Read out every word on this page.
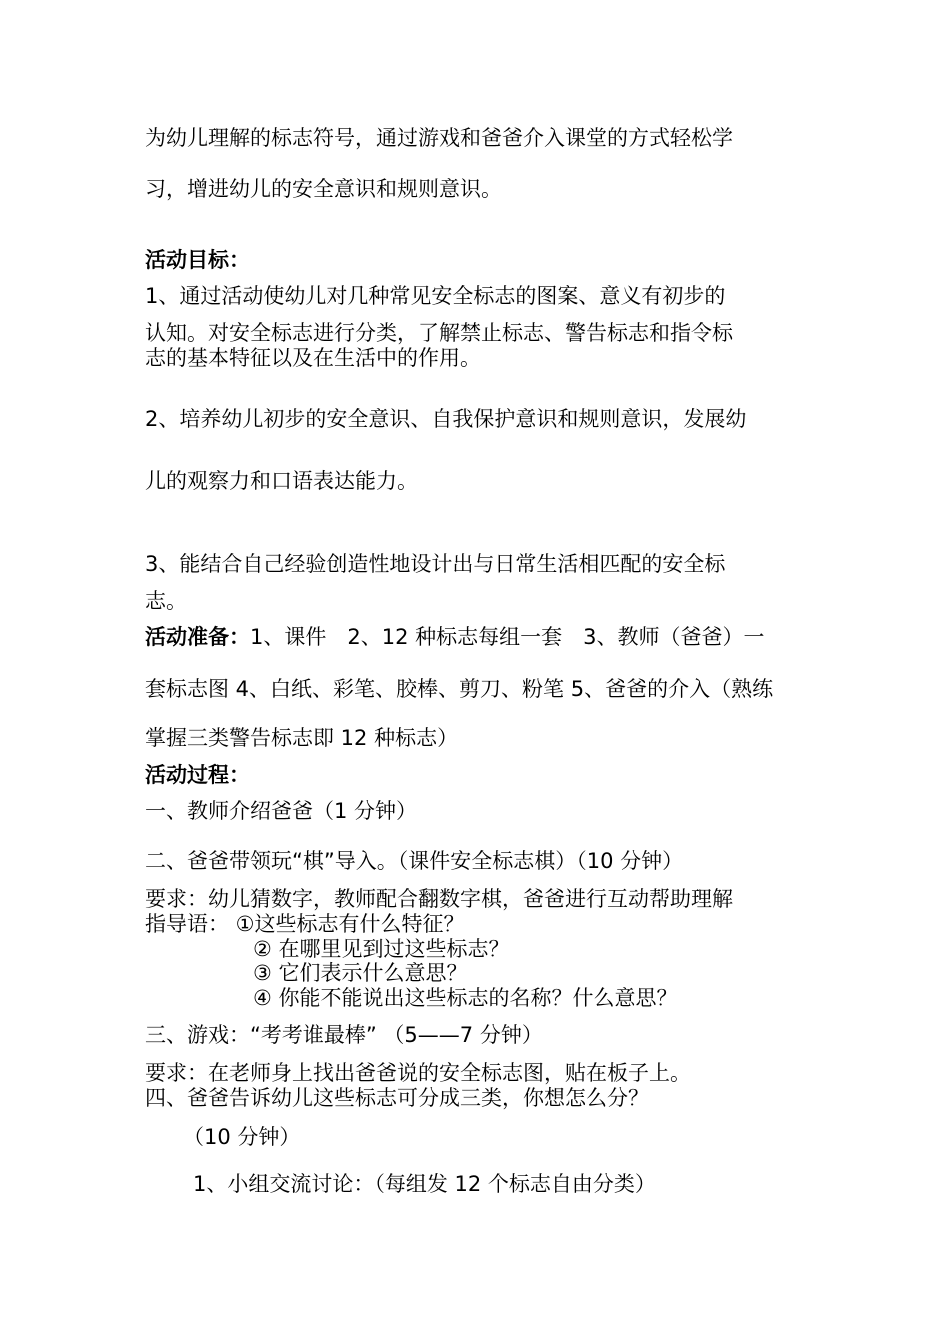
为幼儿理解的标志符号，通过游戏和爸爸介入课堂的方式轻松学
习，增进幼儿的安全意识和规则意识。
活动目标：
1、通过活动使幼儿对几种常见安全标志的图案、意义有初步的
认知。对安全标志进行分类，了解禁止标志、警告标志和指令标
志的基本特征以及在生活中的作用。
2、培养幼儿初步的安全意识、自我保护意识和规则意识，发展幼
儿的观察力和口语表达能力。
3、能结合自己经验创造性地设计出与日常生活相匹配的安全标
志。
活动准备：1、课件　2、12 种标志每组一套　3、教师（爸爸）一
套标志图 4、白纸、彩笔、胶棒、剪刀、粉笔 5、爸爸的介入（熟练
掌握三类警告标志即 12 种标志）
活动过程：
一、教师介绍爸爸（1 分钟）
二、爸爸带领玩“棋”导入。（课件安全标志棋）（10 分钟）
要求：幼儿猜数字，教师配合翻数字棋，爸爸进行互动帮助理解
指导语： ①这些标志有什么特征？
② 在哪里见到过这些标志？
③ 它们表示什么意思？
④ 你能不能说出这些标志的名称？什么意思？
三、游戏：“考考谁最棒” （5——7 分钟）
要求：在老师身上找出爸爸说的安全标志图，贴在板子上。
四、爸爸告诉幼儿这些标志可分成三类，你想怎么分？
（10 分钟）
1、小组交流讨论：（每组发 12 个标志自由分类）
